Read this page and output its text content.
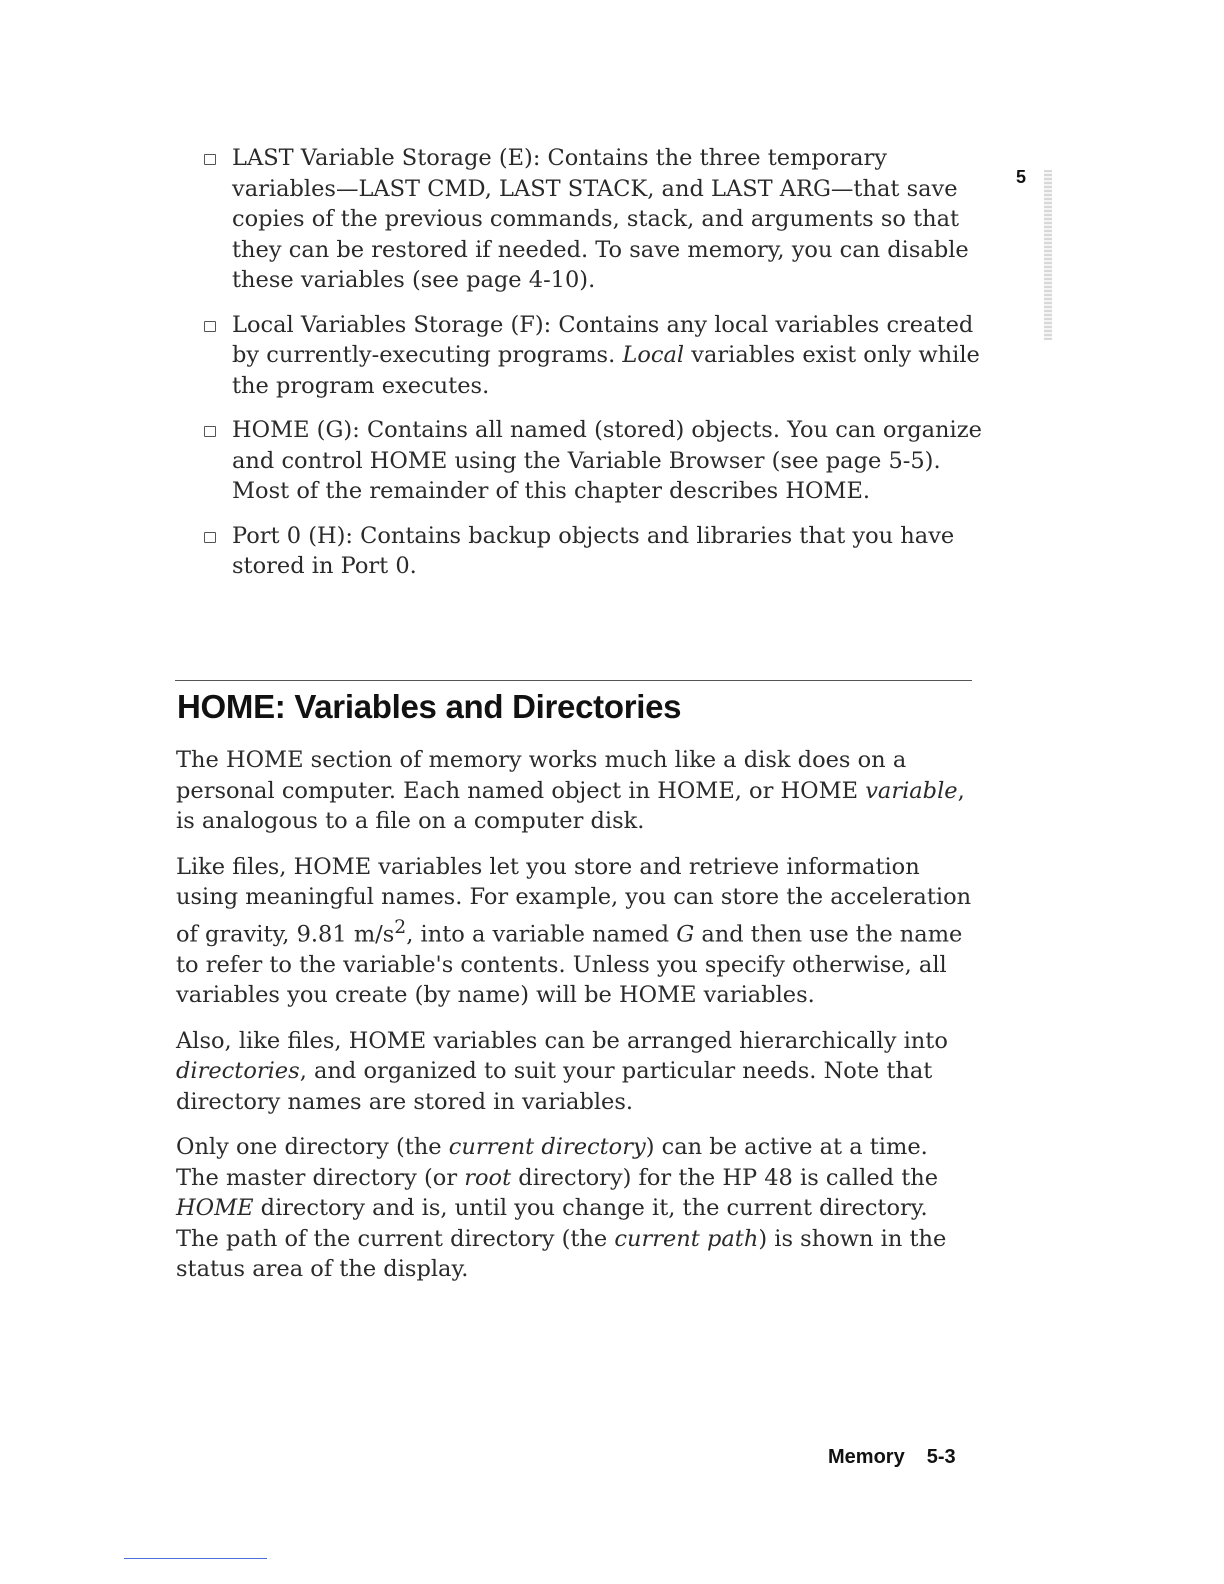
5
LAST Variable Storage (E): Contains the three temporary variables—LAST CMD, LAST STACK, and LAST ARG—that save copies of the previous commands, stack, and arguments so that they can be restored if needed. To save memory, you can disable these variables (see page 4-10).
Local Variables Storage (F): Contains any local variables created by currently-executing programs. Local variables exist only while the program executes.
HOME (G): Contains all named (stored) objects. You can organize and control HOME using the Variable Browser (see page 5-5). Most of the remainder of this chapter describes HOME.
Port 0 (H): Contains backup objects and libraries that you have stored in Port 0.
HOME: Variables and Directories

The HOME section of memory works much like a disk does on a personal computer. Each named object in HOME, or HOME variable, is analogous to a file on a computer disk.

Like files, HOME variables let you store and retrieve information using meaningful names. For example, you can store the acceleration of gravity, 9.81 $m/s^2$, into a variable named G and then use the name to refer to the variable's contents. Unless you specify otherwise, all variables you create (by name) will be HOME variables.

Also, like files, HOME variables can be arranged hierarchically into directories, and organized to suit your particular needs. Note that directory names are stored in variables.

Only one directory (the current directory) can be active at a time. The master directory (or root directory) for the HP 48 is called the HOME directory and is, until you change it, the current directory. The path of the current directory (the current path) is shown in the status area of the display.

Memory 5-3
